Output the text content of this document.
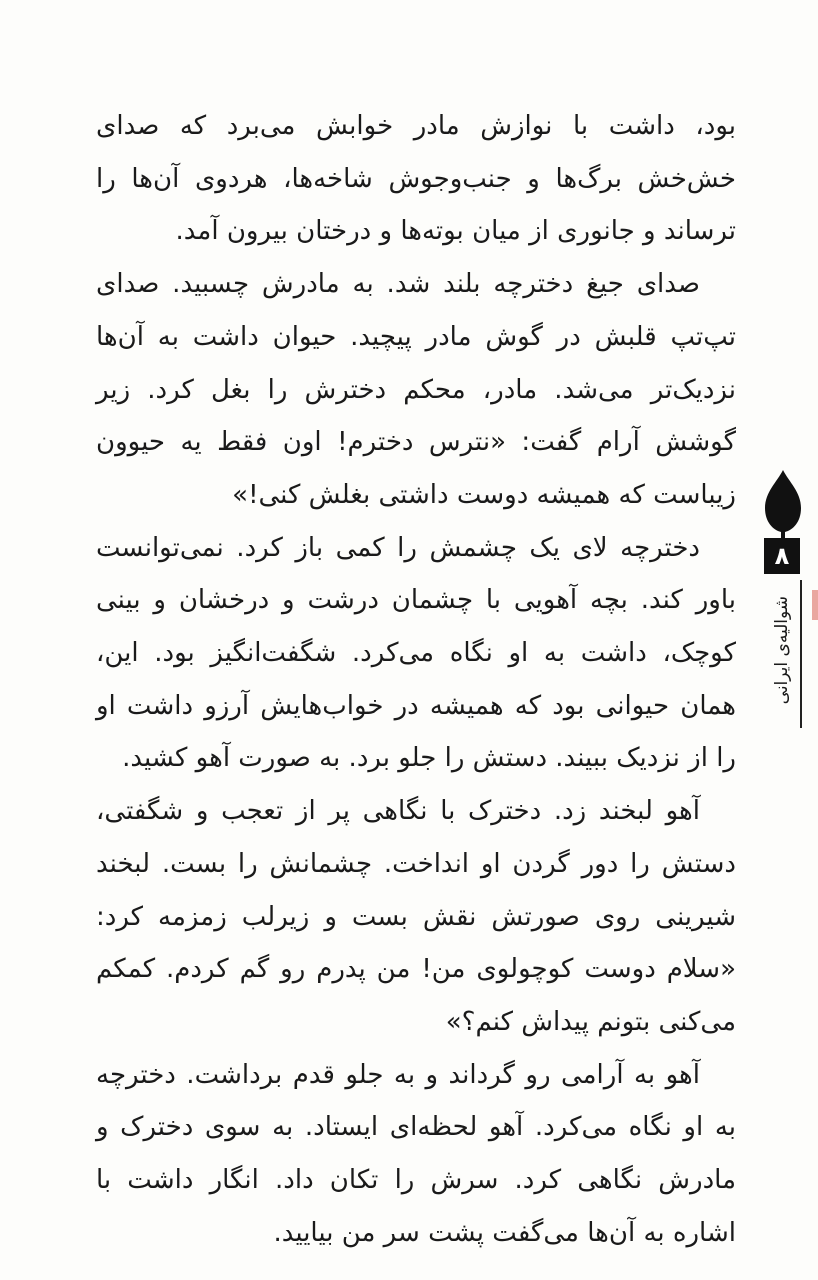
بود، داشت با نوازش مادر خوابش می‌برد که صدای خش‌خش برگ‌ها و جنب‌وجوش شاخه‌ها، هردوی آن‌ها را ترساند و جانوری از میان بوته‌ها و درختان بیرون آمد.

صدای جیغ دخترچه بلند شد. به مادرش چسبید. صدای تپ‌تپ قلبش در گوش مادر پیچید. حیوان داشت به آن‌ها نزدیک‌تر می‌شد. مادر، محکم دخترش را بغل کرد. زیر گوشش آرام گفت: «نترس دخترم! اون فقط یه حیوون زیباست که همیشه دوست داشتی بغلش کنی!»

دخترچه لای یک چشمش را کمی باز کرد. نمی‌توانست باور کند. بچه آهویی با چشمان درشت و درخشان و بینی کوچک، داشت به او نگاه می‌کرد. شگفت‌انگیز بود. این، همان حیوانی بود که همیشه در خواب‌هایش آرزو داشت او را از نزدیک ببیند. دستش را جلو برد. به صورت آهو کشید.

آهو لبخند زد. دخترک با نگاهی پر از تعجب و شگفتی، دستش را دور گردن او انداخت. چشمانش را بست. لبخند شیرینی روی صورتش نقش بست و زیرلب زمزمه کرد: «سلام دوست کوچولوی من! من پدرم رو گم کردم. کمکم می‌کنی بتونم پیداش کنم؟»

آهو به آرامی رو گرداند و به جلو قدم برداشت. دخترچه به او نگاه می‌کرد. آهو لحظه‌ای ایستاد. به سوی دخترک و مادرش نگاهی کرد. سرش را تکان داد. انگار داشت با اشاره به آن‌ها می‌گفت پشت سر من بیایید.

۸
شوالیه‌ی ایرانی
